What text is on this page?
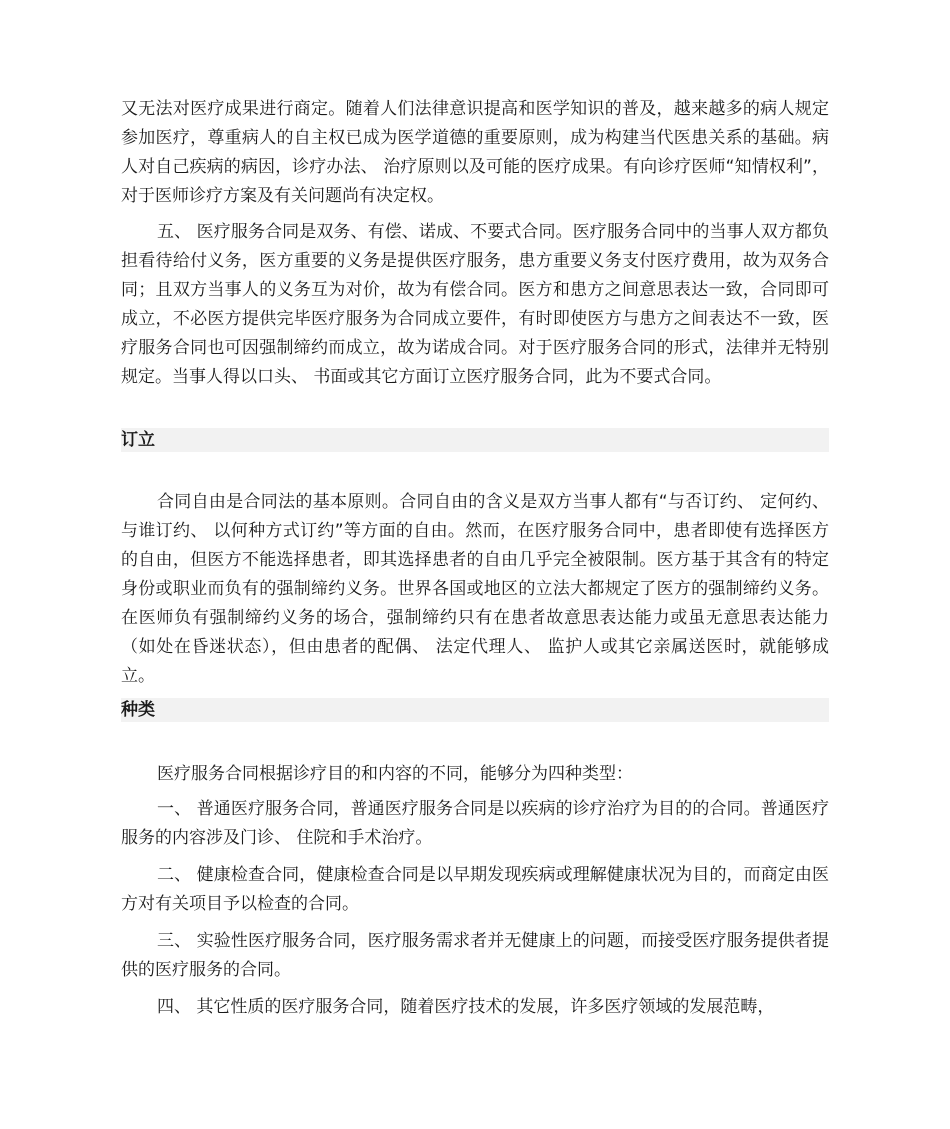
又无法对医疗成果进行商定。随着人们法律意识提高和医学知识的普及，越来越多的病人规定参加医疗，尊重病人的自主权已成为医学道德的重要原则，成为构建当代医患关系的基础。病人对自己疾病的病因，诊疗办法、 治疗原则以及可能的医疗成果。有向诊疗医师“知情权利”，对于医师诊疗方案及有关问题尚有决定权。

五、 医疗服务合同是双务、有偿、诺成、不要式合同。医疗服务合同中的当事人双方都负担看待给付义务，医方重要的义务是提供医疗服务，患方重要义务支付医疗费用，故为双务合同；且双方当事人的义务互为对价，故为有偿合同。医方和患方之间意思表达一致，合同即可成立，不必医方提供完毕医疗服务为合同成立要件，有时即使医方与患方之间表达不一致，医疗服务合同也可因强制缔约而成立，故为诺成合同。对于医疗服务合同的形式，法律并无特别规定。当事人得以口头、 书面或其它方面订立医疗服务合同，此为不要式合同。

订立

合同自由是合同法的基本原则。合同自由的含义是双方当事人都有“与否订约、 定何约、 与谁订约、 以何种方式订约”等方面的自由。然而，在医疗服务合同中，患者即使有选择医方的自由，但医方不能选择患者，即其选择患者的自由几乎完全被限制。医方基于其含有的特定身份或职业而负有的强制缔约义务。世界各国或地区的立法大都规定了医方的强制缔约义务。在医师负有强制缔约义务的场合，强制缔约只有在患者故意思表达能力或虽无意思表达能力（如处在昏迷状态），但由患者的配偶、 法定代理人、 监护人或其它亲属送医时，就能够成立。

种类

医疗服务合同根据诊疗目的和内容的不同，能够分为四种类型：

一、 普通医疗服务合同，普通医疗服务合同是以疾病的诊疗治疗为目的的合同。普通医疗服务的内容涉及门诊、 住院和手术治疗。

二、 健康检查合同，健康检查合同是以早期发现疾病或理解健康状况为目的，而商定由医方对有关项目予以检查的合同。

三、 实验性医疗服务合同，医疗服务需求者并无健康上的问题，而接受医疗服务提供者提供的医疗服务的合同。

四、 其它性质的医疗服务合同，随着医疗技术的发展，许多医疗领域的发展范畴，
